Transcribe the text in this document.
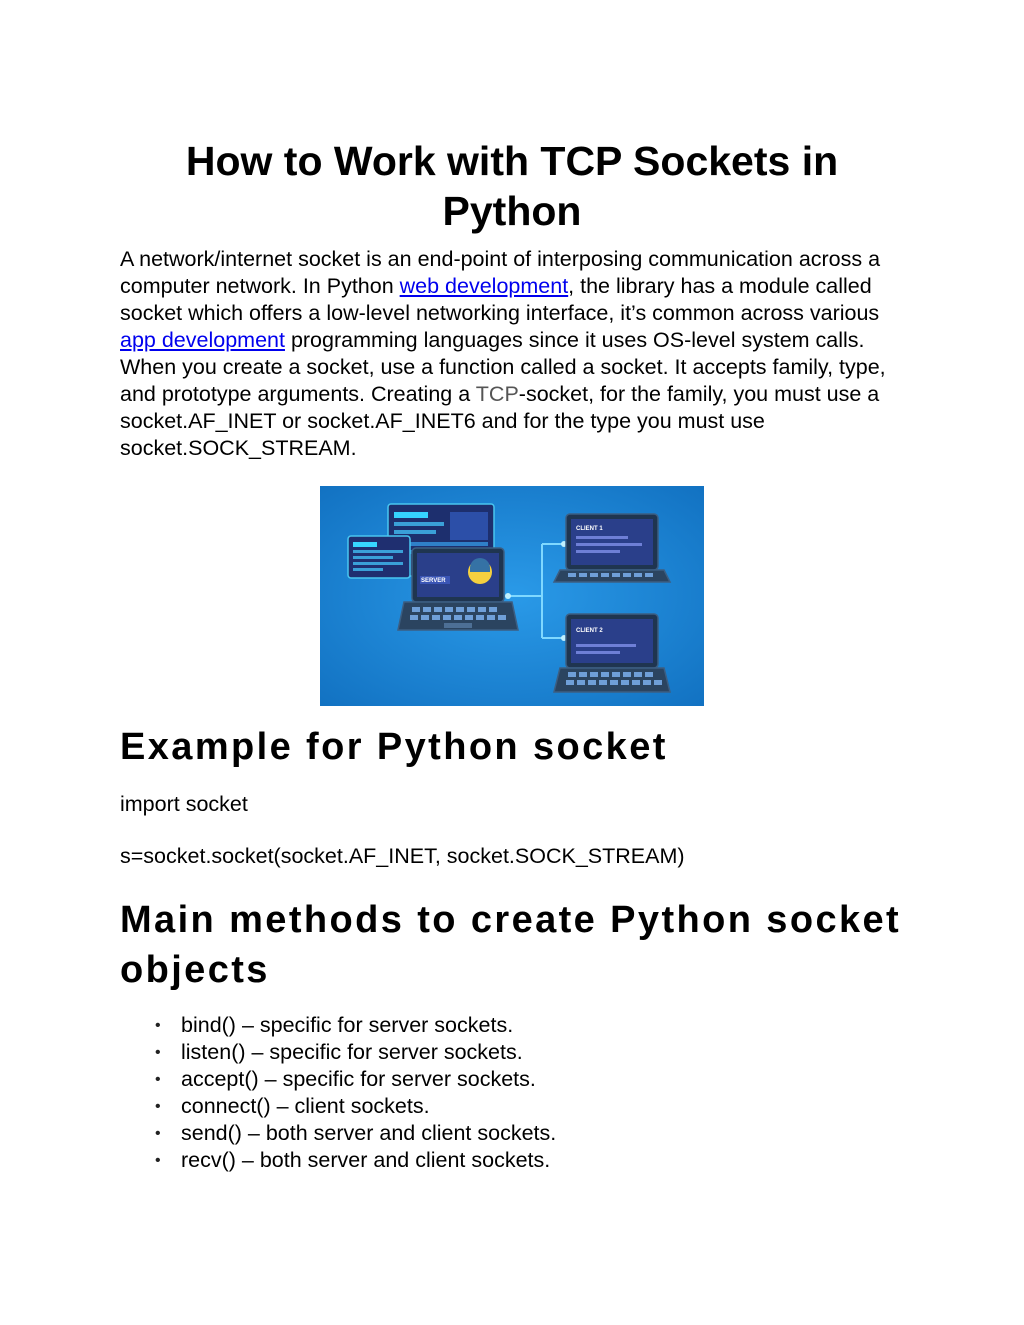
How to Work with TCP Sockets in Python

A network/internet socket is an end-point of interposing communication across a computer network. In Python web development, the library has a module called socket which offers a low-level networking interface, it’s common across various app development programming languages since it uses OS-level system calls. When you create a socket, use a function called a socket. It accepts family, type, and prototype arguments. Creating a TCP-socket, for the family, you must use a socket.AF_INET or socket.AF_INET6 and for the type you must use socket.SOCK_STREAM.

SERVER
CLIENT 1
CLIENT 2
Example for Python socket

import socket

s=socket.socket(socket.AF_INET, socket.SOCK_STREAM)

Main methods to create Python socket objects
• bind() – specific for server sockets.
• listen() – specific for server sockets.
• accept() – specific for server sockets.
• connect() – client sockets.
• send() – both server and client sockets.
• recv() – both server and client sockets.
